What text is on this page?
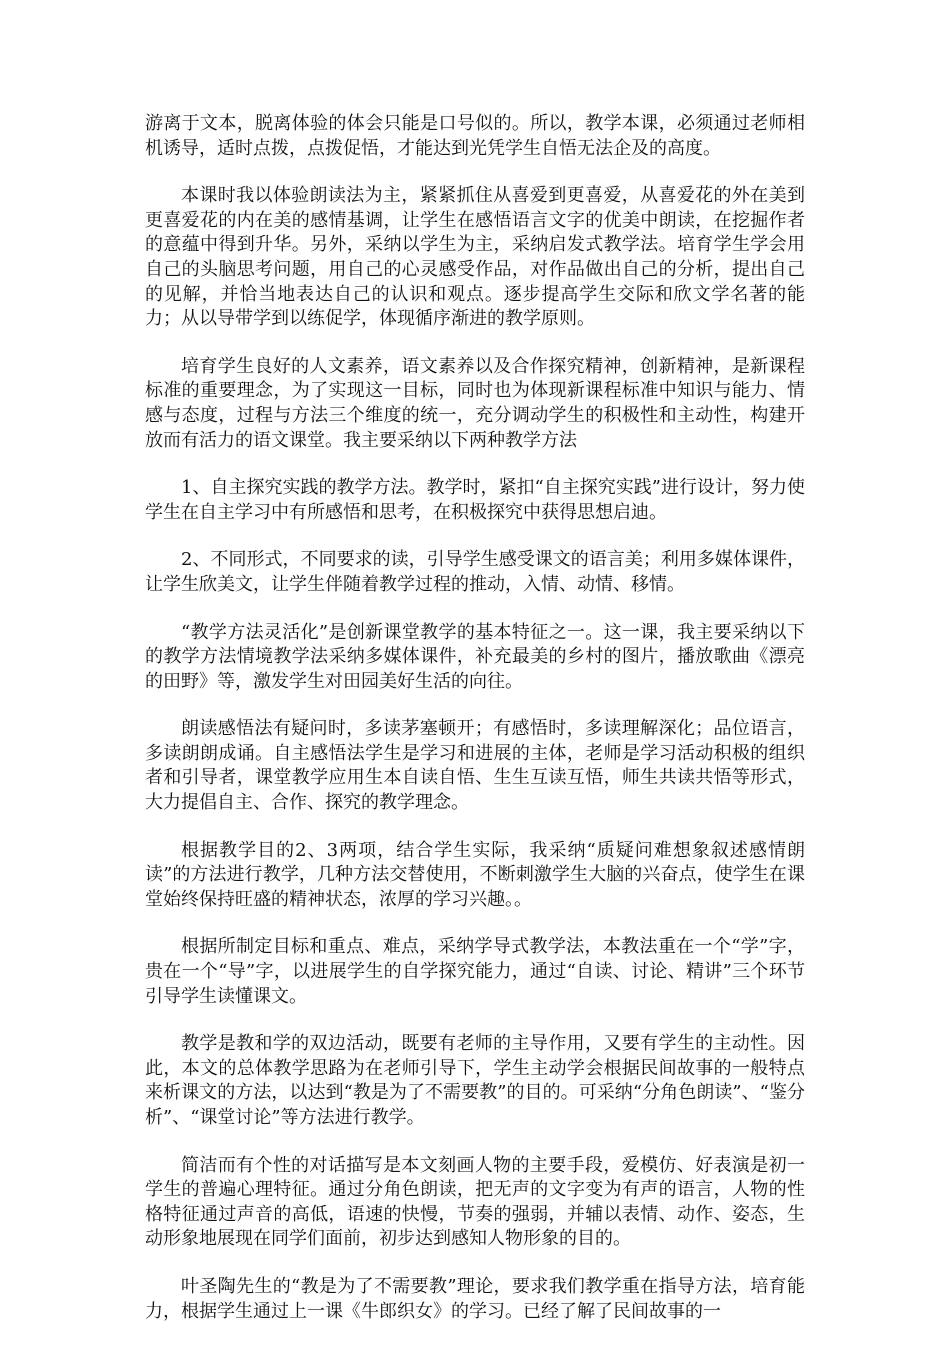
游离于文本，脱离体验的体会只能是口号似的。所以，教学本课，必须通过老师相机诱导，适时点拨，点拨促悟，才能达到光凭学生自悟无法企及的高度。

本课时我以体验朗读法为主，紧紧抓住从喜爱到更喜爱，从喜爱花的外在美到更喜爱花的内在美的感情基调，让学生在感悟语言文字的优美中朗读，在挖掘作者的意蕴中得到升华。另外，采纳以学生为主，采纳启发式教学法。培育学生学会用自己的头脑思考问题，用自己的心灵感受作品，对作品做出自己的分析，提出自己的见解，并恰当地表达自己的认识和观点。逐步提高学生交际和欣文学名著的能力；从以导带学到以练促学，体现循序渐进的教学原则。

培育学生良好的人文素养，语文素养以及合作探究精神，创新精神，是新课程标准的重要理念，为了实现这一目标，同时也为体现新课程标准中知识与能力、情感与态度，过程与方法三个维度的统一，充分调动学生的积极性和主动性，构建开放而有活力的语文课堂。我主要采纳以下两种教学方法

1、自主探究实践的教学方法。教学时，紧扣“自主探究实践”进行设计，努力使学生在自主学习中有所感悟和思考，在积极探究中获得思想启迪。

2、不同形式，不同要求的读，引导学生感受课文的语言美；利用多媒体课件，让学生欣美文，让学生伴随着教学过程的推动，入情、动情、移情。

“教学方法灵活化”是创新课堂教学的基本特征之一。这一课，我主要采纳以下的教学方法情境教学法采纳多媒体课件，补充最美的乡村的图片，播放歌曲《漂亮的田野》等，激发学生对田园美好生活的向往。

朗读感悟法有疑问时，多读茅塞顿开；有感悟时，多读理解深化；品位语言，多读朗朗成诵。自主感悟法学生是学习和进展的主体，老师是学习活动积极的组织者和引导者，课堂教学应用生本自读自悟、生生互读互悟，师生共读共悟等形式，大力提倡自主、合作、探究的教学理念。

根据教学目的2、3两项，结合学生实际，我采纳“质疑问难想象叙述感情朗读”的方法进行教学，几种方法交替使用，不断刺激学生大脑的兴奋点，使学生在课堂始终保持旺盛的精神状态，浓厚的学习兴趣。。

根据所制定目标和重点、难点，采纳学导式教学法，本教法重在一个“学”字，贵在一个“导”字，以进展学生的自学探究能力，通过“自读、讨论、精讲”三个环节引导学生读懂课文。

教学是教和学的双边活动，既要有老师的主导作用，又要有学生的主动性。因此，本文的总体教学思路为在老师引导下，学生主动学会根据民间故事的一般特点来析课文的方法，以达到“教是为了不需要教”的目的。可采纳“分角色朗读”、“鉴分析”、“课堂讨论”等方法进行教学。

简洁而有个性的对话描写是本文刻画人物的主要手段，爱模仿、好表演是初一学生的普遍心理特征。通过分角色朗读，把无声的文字变为有声的语言，人物的性格特征通过声音的高低，语速的快慢，节奏的强弱，并辅以表情、动作、姿态，生动形象地展现在同学们面前，初步达到感知人物形象的目的。

叶圣陶先生的“教是为了不需要教”理论，要求我们教学重在指导方法，培育能力，根据学生通过上一课《牛郎织女》的学习。已经了解了民间故事的一
